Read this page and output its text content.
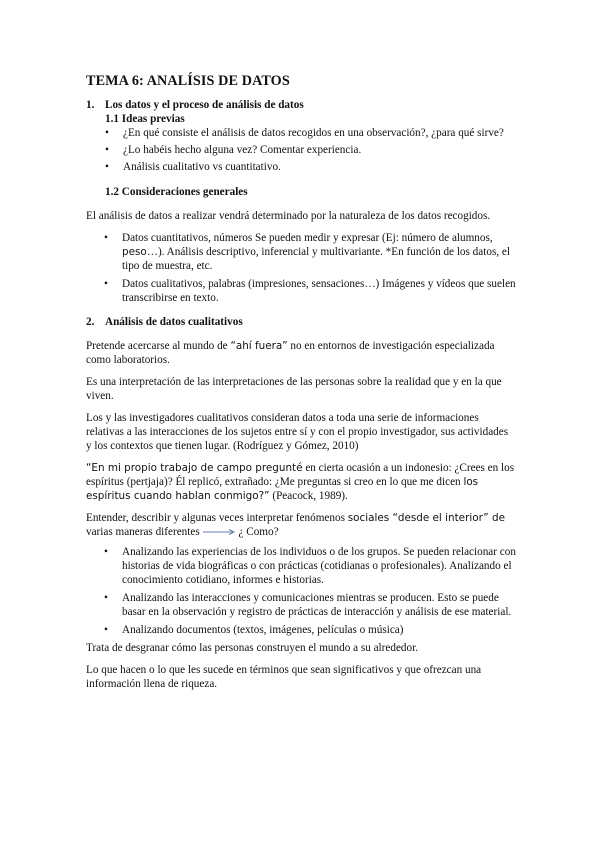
TEMA 6: ANALÍSIS DE DATOS
1. Los datos y el proceso de análisis de datos
1.1 Ideas previas
• ¿En qué consiste el análisis de datos recogidos en una observación?, ¿para qué sirve?
• ¿Lo habéis hecho alguna vez? Comentar experiencia.
• Análisis cualitativo vs cuantitativo.
1.2 Consideraciones generales

El análisis de datos a realizar vendrá determinado por la naturaleza de los datos recogidos.

• Datos cuantitativos, números Se pueden medir y expresar (Ej: número de alumnos, peso…). Análisis descriptivo, inferencial y multivariante. *En función de los datos, el tipo de muestra, etc.
• Datos cualitativos, palabras (impresiones, sensaciones…) Imágenes y vídeos que suelen transcribirse en texto.
2. Análisis de datos cualitativos

Pretende acercarse al mundo de “ahí fuera” no en entornos de investigación especializada como laboratorios.

Es una interpretación de las interpretaciones de las personas sobre la realidad que y en la que viven.

Los y las investigadores cualitativos consideran datos a toda una serie de informaciones relativas a las interacciones de los sujetos entre sí y con el propio investigador, sus actividades y los contextos que tienen lugar. (Rodríguez y Gómez, 2010)

“En mi propio trabajo de campo pregunté en cierta ocasión a un indonesio: ¿Crees en los espíritus (pertjaja)? Él replicó, extrañado: ¿Me preguntas si creo en lo que me dicen los espíritus cuando hablan conmigo?” (Peacock, 1989).

Entender, describir y algunas veces interpretar fenómenos sociales “desde el interior” de varias maneras diferentes	¿ Como?

• Analizando las experiencias de los individuos o de los grupos. Se pueden relacionar con historias de vida biográficas o con prácticas (cotidianas o profesionales). Analizando el conocimiento cotidiano, informes e historias.
• Analizando las interacciones y comunicaciones mientras se producen. Esto se puede basar en la observación y registro de prácticas de interacción y análisis de ese material.
• Analizando documentos (textos, imágenes, películas o música)

Trata de desgranar cómo las personas construyen el mundo a su alrededor.

Lo que hacen o lo que les sucede en términos que sean significativos y que ofrezcan una información llena de riqueza.
